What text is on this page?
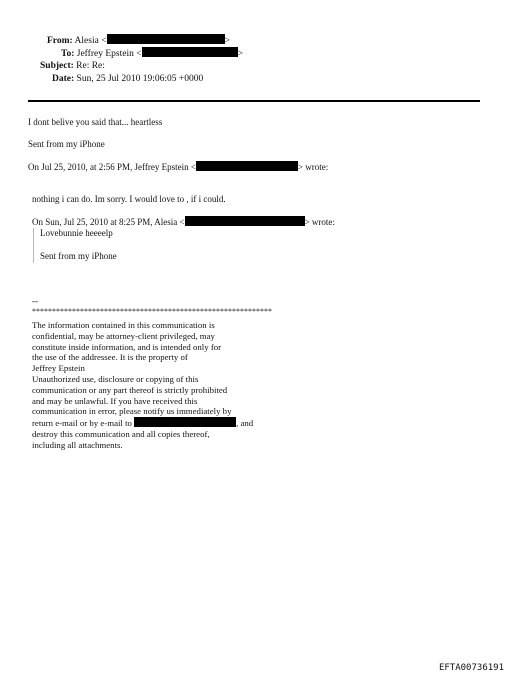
From: Alesia <	>
To: Jeffrey Epstein <	>
Subject: Re: Re:
Date: Sun, 25 Jul 2010 19:06:05 +0000
I dont belive you said that... heartless
Sent from my iPhone
On Jul 25, 2010, at 2:56 PM, Jeffrey Epstein <	> wrote:
nothing i can do. Im sorry. I would love to , if i could.
On Sun, Jul 25, 2010 at 8:25 PM, Alesia <	> wrote:
Lovebunnie heeeelp
Sent from my iPhone
--
************************************************************
The information contained in this communication is
confidential, may be attorney-client privileged, may
constitute inside information, and is intended only for
the use of the addressee. It is the property of
Jeffrey Epstein
Unauthorized use, disclosure or copying of this
communication or any part thereof is strictly prohibited
and may be unlawful. If you have received this
communication in error, please notify us immediately by
return e-mail or by e-mail to	, and
destroy this communication and all copies thereof,
including all attachments.
EFTA00736191
